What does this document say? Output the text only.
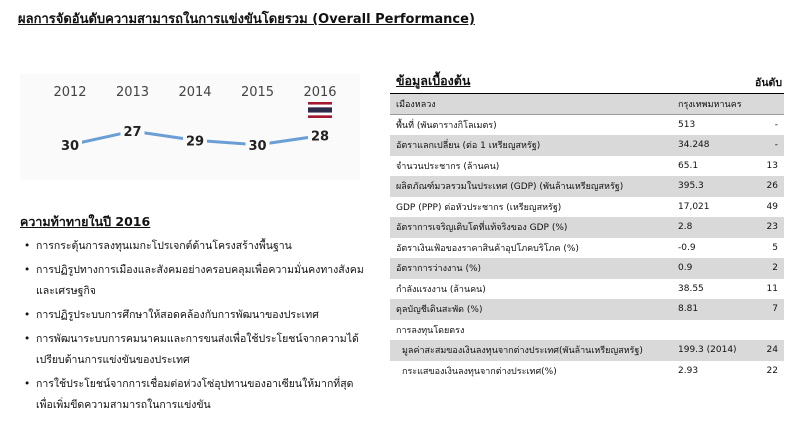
ผลการจัดอันดับความสามารถในการแข่งขันโดยรวม (Overall Performance)
2012 2013 2014 2015 2016
30
27
29	30
28
ความท้าทายในปี 2016
• การกระตุ้นการลงทุนเมกะโปรเจกต์ด้านโครงสร้างพื้นฐาน
• การปฏิรูปทางการเมืองและสังคมอย่างครอบคลุมเพื่อความมั่นคงทางสังคมและเศรษฐกิจ
• การปฏิรูประบบการศึกษาให้สอดคล้องกับการพัฒนาของประเทศ
• การพัฒนาระบบการคมนาคมและการขนส่งเพื่อใช้ประโยชน์จากความได้เปรียบด้านการแข่งขันของประเทศ
• การใช้ประโยชน์จากการเชื่อมต่อห่วงโซ่อุปทานของอาเซียนให้มากที่สุดเพื่อเพิ่มขีดความสามารถในการแข่งขัน
ข้อมูลเบื้องต้น	อันดับ
เมืองหลวง	กรุงเทพมหานคร	
พื้นที่ (พันตารางกิโลเมตร)	513	-
อัตราแลกเปลี่ยน (ต่อ 1 เหรียญสหรัฐ)	34.248	-
จำนวนประชากร (ล้านคน)	65.1	13
ผลิตภัณฑ์มวลรวมในประเทศ (GDP) (พันล้านเหรียญสหรัฐ)	395.3	26
GDP (PPP) ต่อหัวประชากร (เหรียญสหรัฐ)	17,021	49
อัตราการเจริญเติบโตที่แท้จริงของ GDP (%)	2.8	23
อัตราเงินเฟ้อของราคาสินค้าอุปโภคบริโภค (%)	-0.9	5
อัตราการว่างงาน (%)	0.9	2
กำลังแรงงาน (ล้านคน)	38.55	11
ดุลบัญชีเดินสะพัด (%)	8.81	7
การลงทุนโดยตรง		
มูลค่าสะสมของเงินลงทุนจากต่างประเทศ(พันล้านเหรียญสหรัฐ)	199.3 (2014)	24
กระแสของเงินลงทุนจากต่างประเทศ(%)	2.93	22
